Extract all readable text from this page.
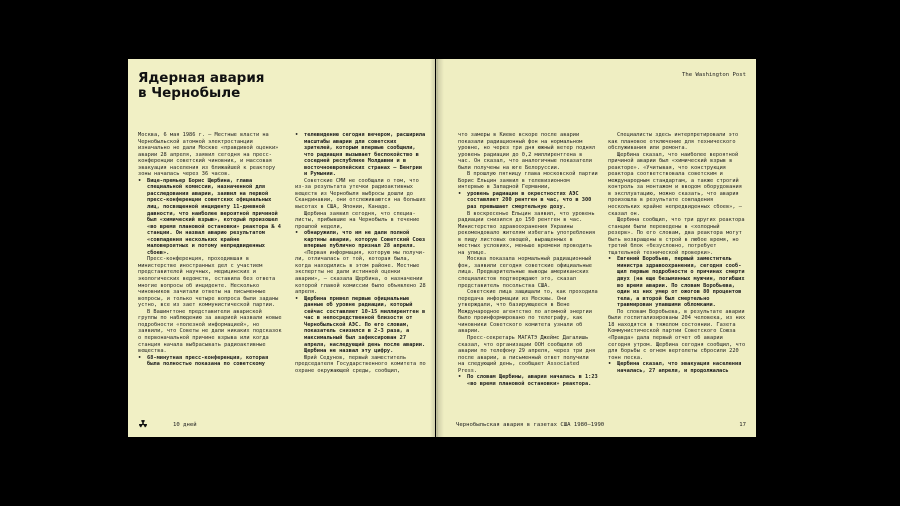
Ядерная авария
в Чернобыле

Москва, 6 мая 1986 г. — Местные власти на Чернобыльской атомной электростанции изначально не дали Москве «правдивой оценки» аварии 28 апреля, заявил сегодня на пресс-конференции советский чиновник, и массовая эвакуация населения из ближайшей к реактору зоны началась через 36 часов.

• Вице-премьер Борис Щербина, глава специальной комиссии, назначенной для расследования аварии, заявил на первой пресс-конференции советских официальных лиц, посвященной инциденту 11-дневной давности, что наиболее вероятной причиной был «химический взрыв», который произошел «во время плановой остановки» реактора № 4 станции. Он назвал аварию результатом «совпадения нескольких крайне маловероятных и потому непредвиденных сбоев».

Пресс-конференция, проходившая в министерстве иностранных дел с участием представителей научных, медицинских и экологических ведомств, оставила без ответа многие вопросы об инциденте. Несколько чиновников зачитали ответы на письменные вопросы, и только четыре вопроса были заданы устно, все из зает коммунистической партии.

В Вашингтоне представители авариской группы по наблюдению за аварией назвали новые подробности «полезной информацией», но заявили, что Советы не дали никаких подсказок о первоначальной причине взрыва или когда станция начала выбрасывать радиоактивные вещества.

• 68-минутная пресс-конференция, которая была полностью показана по советскому

• телевидению сегодня вечером, расширила масштабы аварии для советских зрителей, которым впервые сообщили, что радиация вызывает беспокойство в соседней республике Молдавии и в восточноевропейских странах — Венгрии и Румынии.

Советские СМИ не сообщали о том, что из-за результата утечки радиоактивных веществ из Чернобыля выбросы дошли до Скандинавии, они отслеживаются на больших высотах в США, Японии, Канаде.

Щербина заявил сегодня, что специалисты, прибывшие на Чернобыль в течение прошлой недели,

• обнаружили, что им не дали полной картины аварии, которую Советский Союз впервые публично признал 28 апреля.

«Первая информация, которую мы получили, отличалась от той, которая была, когда находились в этом районе. Местные экспертты не дали истинной оценки аварии», — сказала Щербина, о назначении которой главой комиссии было объявлено 28 апреля.

• Щербина привел первые официальные данные об уровне радиации, который сейчас составляет 10-15 миллирентген в час в непосредственной близости от Чернобыльской АЭС. По его словам, показатель снизился в 2-3 раза, а максимальный был зафиксирован 27 апреля, наследующий день после аварии. Щербина не назвал эту цифру.

Юрий Седунов, первый заместитель председателя Государственного комитета по охране окружающей среды, сообщил,

10 дней
The Washington Post

что замеры в Киеве вскоре после аварии показали радиационный фон на нормальном уровне, но через три дня южный ветер поднял уровень радиации до 0,2 миллирентгена в час. Он сказал, что аналогичные показатели были получены на юге Белоруссии.

В прошлую пятницу глава московской партии Борис Ельцин заявил в телевизионном интервью в Западной Германии,

• уровень радиации в окрестностях АЭС составляет 200 рентген в час, что в 300 раз превышает смертельную дозу.

В воскресенье Ельцин заявил, что уровень радиации снизился до 150 рентген в час. Министерство здравоохранения Украины рекомендовало жителям избегать употребления в пищу листовых овощей, выращенных в местных условиях, меньше времени проводить на улице.

Москва показала нормальный радиационный фон, заявили сегодня советские официальные лица. Предварительные выводы американских специалистов подтверждают это, сказал представитель посольства США.

Советские лица защищали то, как проходила передача информации из Москвы. Они утверждали, что базирующееся в Вене Международное агентство по атомной энергии было проинформировано по телеграфу, как чиновники Советского комитета узнали об аварии.

Пресс-секретарь МАГАТЭ Джеймс Дагалишь сказал, что организации ООН сообщили об аварии по телефону 29 апреля, через три дня после аварии, а письменный ответ получили на следующий день, сообщает Associated Press.

• По словам Щербины, авария началась в 1:23 «во время плановой остановки» реактора.

Специалисты здесь интерпретировали это как плановое отключение для технического обслуживания или ремонта.

Щербина сказал, что наиболее вероятной причиной аварии был «химический взрыв в реакторе». «Учитывая, что конструкция реактора соответствовала советским и международным стандартам, а также строгий контроль за монтажом и вводом оборудования в эксплуатацию, можно сказать, что авария произошла в результате совпадения нескольких крайне непредвиденных сбоев», — сказал он.

Щербина сообщил, что три других реактора станции были переведены в «холодный резерв». По его словам, два реактора могут быть возвращены в строй в любое время, но третий блок «безусловно, потребует тщательной технической проверки».

• Евгений Воробьев, первый заместитель министра здравоохранения, сегодня сообщил первые подробности о причинах смерти двух (на еще безымянных мужчин, погибших во время аварии. По словам Воробьева, один из них умер от ожогов 80 процентов тела, а второй был смертельно травмирован упавшими обломками.

По словам Воробьева, в результате аварии были госпитализированы 204 человека, из них 18 находятся в тяжелом состоянии. Газета Коммунистической партии Советского Союза «Правда» дала первый отчет об аварии сегодня утром. Щербина сегодня сообщил, что для борьбы с огнем вертолеты сбросили 220 тонн песка.

• Щербина сказал, что эвакуация населения началась, 27 апреля, и продолжалась

Чернобыльская авария в газетах США 1980–1990	17
